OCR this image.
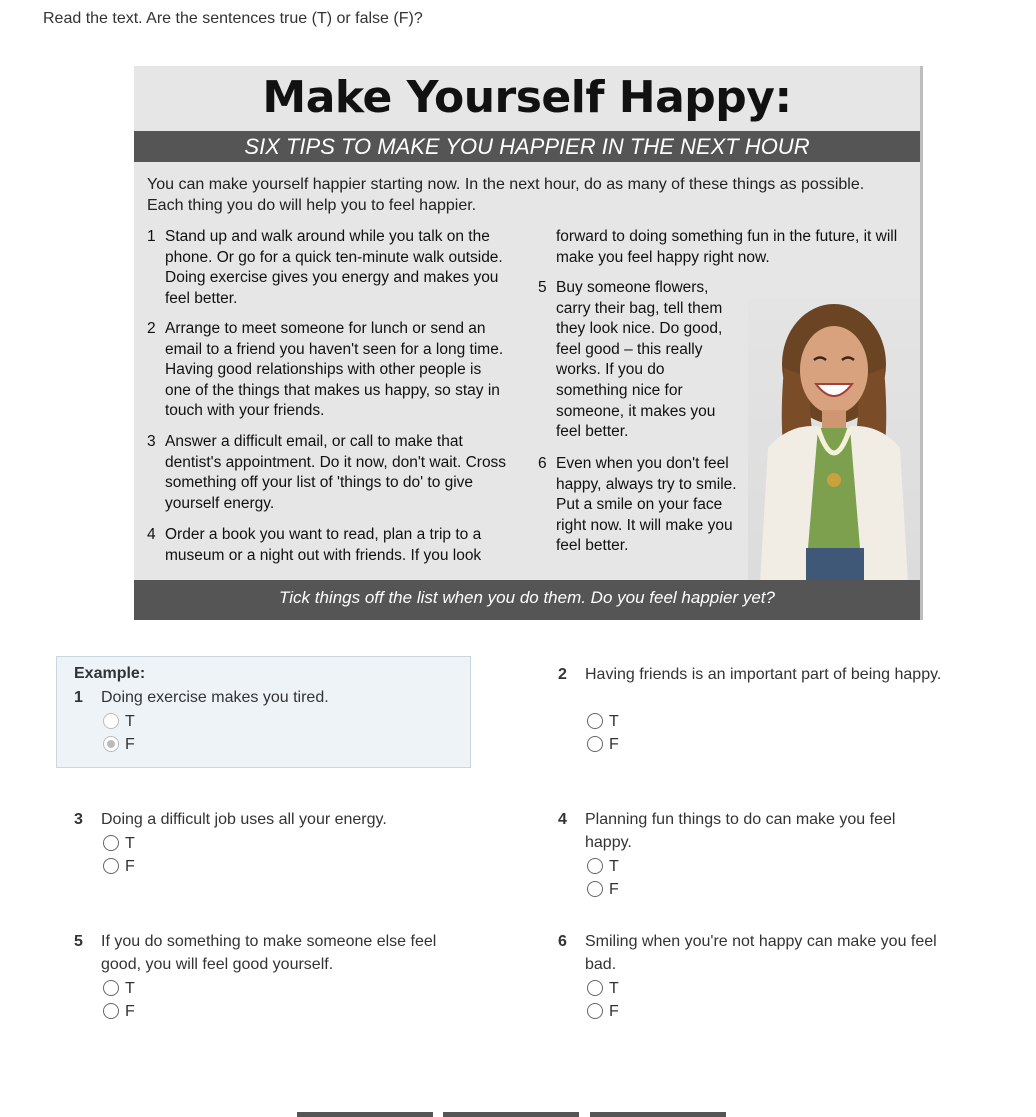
Read the text. Are the sentences true (T) or false (F)?
Make Yourself Happy:
SIX TIPS TO MAKE YOU HAPPIER IN THE NEXT HOUR
You can make yourself happier starting now. In the next hour, do as many of these things as possible. Each thing you do will help you to feel happier.
1 Stand up and walk around while you talk on the phone. Or go for a quick ten-minute walk outside. Doing exercise gives you energy and makes you feel better.
2 Arrange to meet someone for lunch or send an email to a friend you haven't seen for a long time. Having good relationships with other people is one of the things that makes us happy, so stay in touch with your friends.
3 Answer a difficult email, or call to make that dentist's appointment. Do it now, don't wait. Cross something off your list of 'things to do' to give yourself energy.
4 Order a book you want to read, plan a trip to a museum or a night out with friends. If you look
forward to doing something fun in the future, it will make you feel happy right now.
5 Buy someone flowers, carry their bag, tell them they look nice. Do good, feel good – this really works. If you do something nice for someone, it makes you feel better.
6 Even when you don't feel happy, always try to smile. Put a smile on your face right now. It will make you feel better.
Tick things off the list when you do them. Do you feel happier yet?
Example:
1 Doing exercise makes you tired.
T
F
2 Having friends is an important part of being happy.
T
F
3 Doing a difficult job uses all your energy.
T
F
4 Planning fun things to do can make you feel happy.
T
F
5 If you do something to make someone else feel good, you will feel good yourself.
T
F
6 Smiling when you're not happy can make you feel bad.
T
F
